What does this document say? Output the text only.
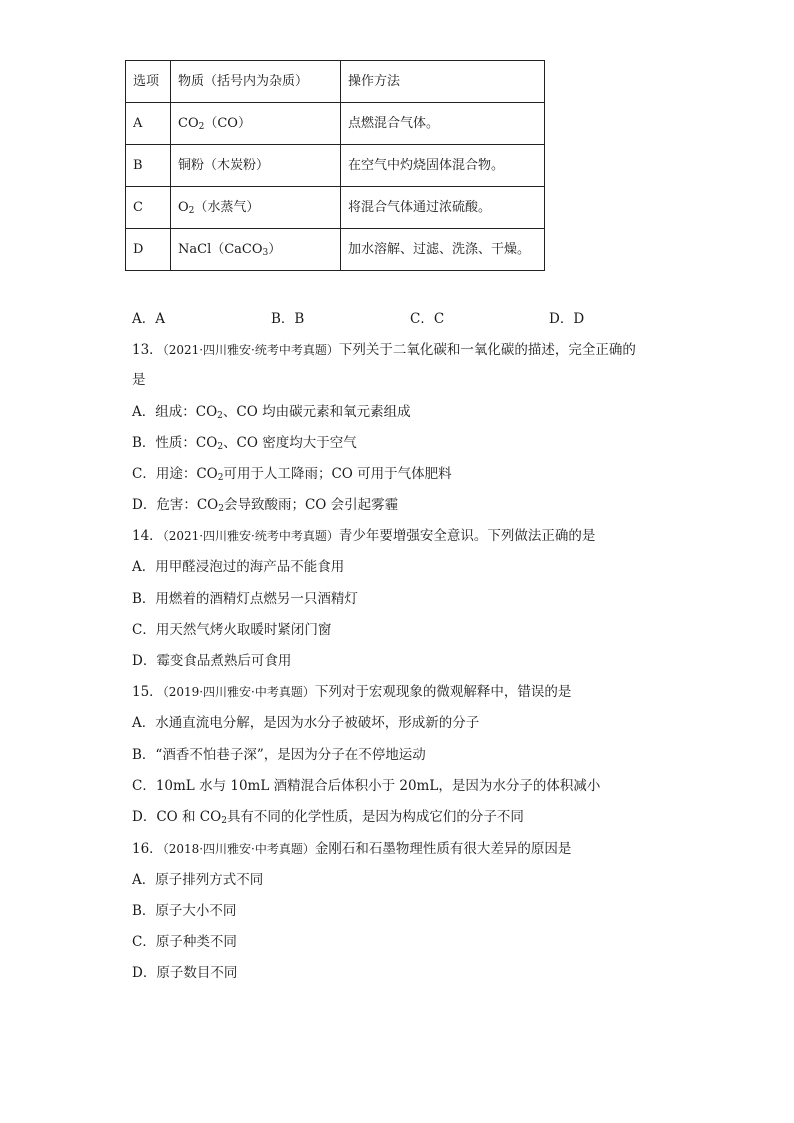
选项	物质（括号内为杂质）	操作方法
A	$CO_2(CO)$	点燃混合气体。
B	铜粉（木炭粉）	在空气中灼烧固体混合物。
C	$O_2$（水蒸气）	将混合气体通过浓硫酸。
D	NaCl（CaCO$_3$）	加水溶解、过滤、洗涤、干燥。
A．A	B．B	C．C	D．D
13．（2021·四川雅安·统考中考真题）下列关于二氧化碳和一氧化碳的描述，完全正确的
是
A．组成：$CO_2$、CO 均由碳元素和氧元素组成
B．性质：$CO_2$、CO 密度均大于空气
C．用途：$CO_2$可用于人工降雨；CO 可用于气体肥料
D．危害：$CO_2$会导致酸雨；CO 会引起雾霾
14．（2021·四川雅安·统考中考真题）青少年要增强安全意识。下列做法正确的是
A．用甲醛浸泡过的海产品不能食用
B．用燃着的酒精灯点燃另一只酒精灯
C．用天然气烤火取暖时紧闭门窗
D．霉变食品煮熟后可食用
15．（2019·四川雅安·中考真题）下列对于宏观现象的微观解释中，错误的是
A．水通直流电分解，是因为水分子被破坏，形成新的分子
B．“酒香不怕巷子深”，是因为分子在不停地运动
C．10mL 水与 10mL 酒精混合后体积小于 20mL，是因为水分子的体积减小
D．CO 和 $CO_2$具有不同的化学性质，是因为构成它们的分子不同
16．（2018·四川雅安·中考真题）金刚石和石墨物理性质有很大差异的原因是
A．原子排列方式不同
B．原子大小不同
C．原子种类不同
D．原子数目不同
